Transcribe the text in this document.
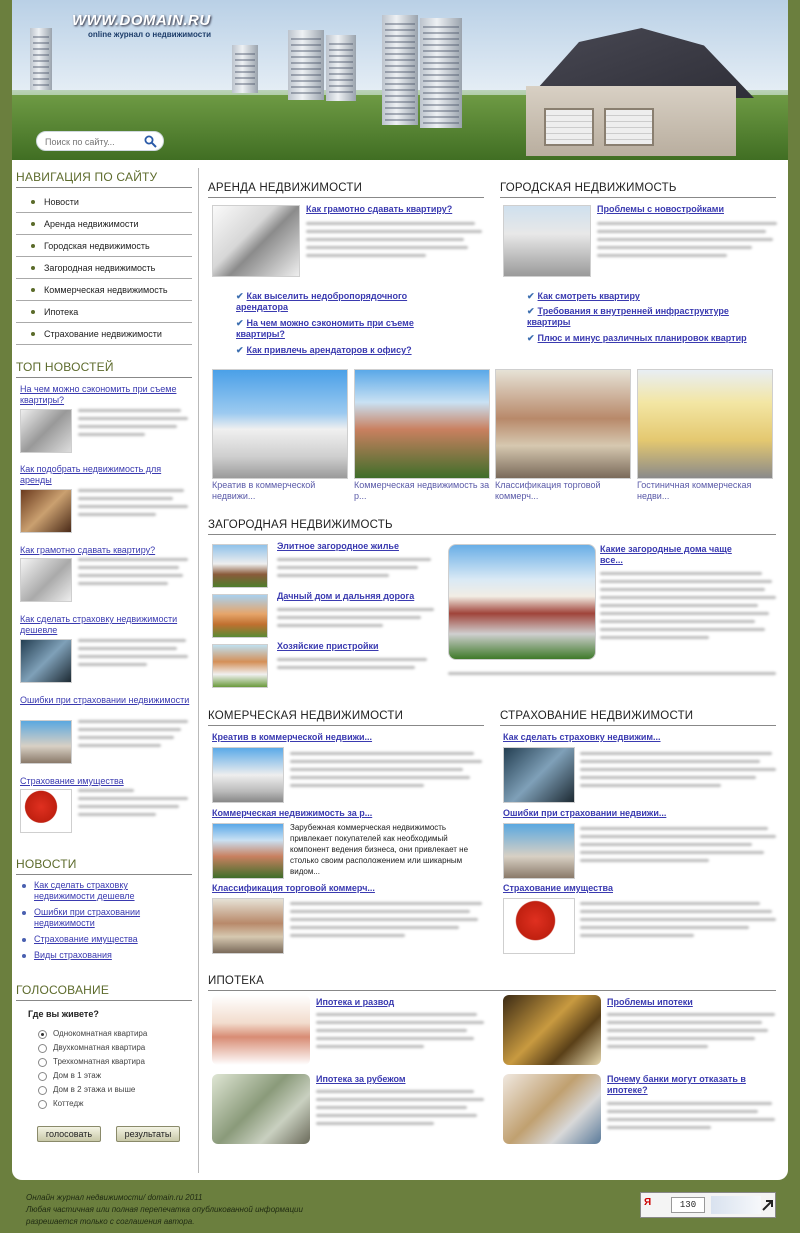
WWW.DOMAIN.RU
online журнал о недвижимости
Поиск по сайту...
НАВИГАЦИЯ ПО САЙТУ
Новости
Аренда недвижимости
Городская недвижимость
Загородная недвижимость
Коммерческая недвижимость
Ипотека
Страхование недвижимости
ТОП НОВОСТЕЙ
На чем можно сэкономить при съеме квартиры?
Как подобрать недвижимость для аренды
Как грамотно сдавать квартиру?
Как сделать страховку недвижимости дешевле
Ошибки при страховании недвижимости
Страхование имущества
НОВОСТИ
Как сделать страховку недвижимости дешевле
Ошибки при страховании недвижимости
Страхование имущества
Виды страхования
ГОЛОСОВАНИЕ
Где вы живете?
Однокомнатная квартира
Двухкомнатная квартира
Трехкомнатная квартира
Дом в 1 этаж
Дом в 2 этажа и выше
Коттедж
голосовать	результаты
АРЕНДА НЕДВИЖИМОСТИ
Как грамотно сдавать квартиру?
✔ Как выселить недобропорядочного арендатора
✔ На чем можно сэкономить при съеме квартиры?
✔ Как привлечь арендаторов к офису?
ГОРОДСКАЯ НЕДВИЖИМОСТЬ
Проблемы с новостройками
✔ Как смотреть квартиру
✔ Требования к внутренней инфраструктуре квартиры
✔ Плюс и минус различных планировок квартир
Креатив в коммерческой недвижи...
Коммерческая недвижимость за р...
Классификация торговой коммерч...
Гостиничная коммерческая недви...
ЗАГОРОДНАЯ НЕДВИЖИМОСТЬ
Элитное загородное жилье
Дачный дом и дальняя дорога
Хозяйские пристройки
Какие загородные дома чаще все...
КОМЕРЧЕСКАЯ НЕДВИЖИМОСТИ
Креатив в коммерческой недвижи...
Коммерческая недвижимость за р...
Зарубежная коммерческая недвижимость привлекает покупателей как необходимый компонент ведения бизнеса, они привлекает не столько своим расположением или шикарным видом...
Классификация торговой коммерч...
СТРАХОВАНИЕ НЕДВИЖИМОСТИ
Как сделать страховку недвижим...
Ошибки при страховании недвижи...
Страхование имущества
ИПОТЕКА
Ипотека и развод	Проблемы ипотеки
Ипотека за рубежом	Почему банки могут отказать в ипотеке?
Онлайн журнал недвижимости/ domain.ru 2011
Любая частичная или полная перепечатка опубликованной информации
разрешается только с соглашения автора.
Я	130
